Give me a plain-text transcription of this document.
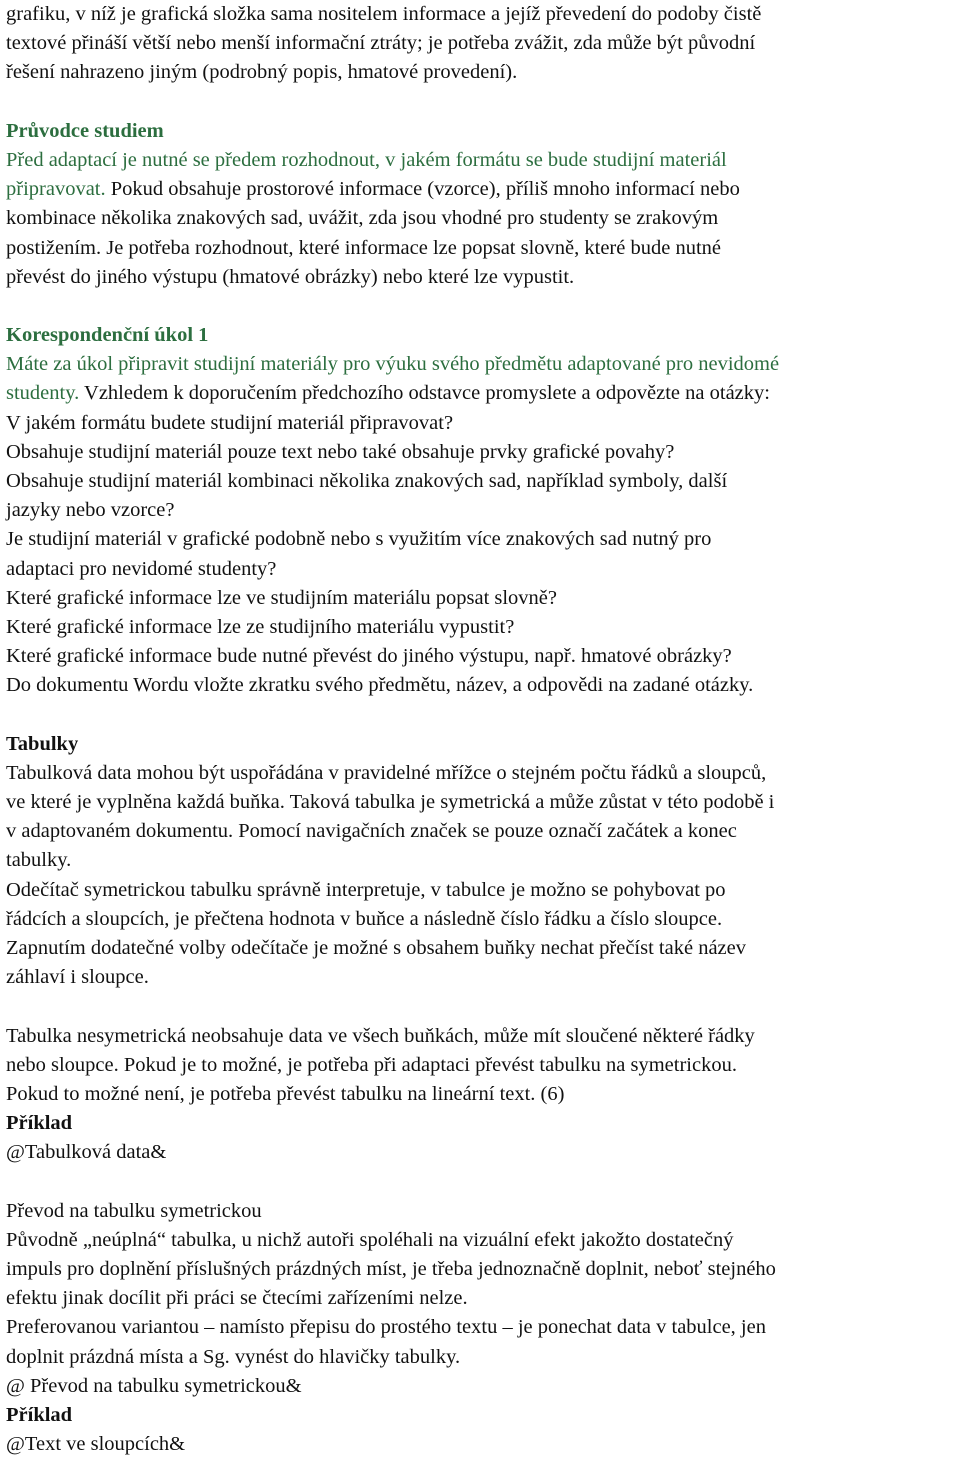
grafiku, v níž je grafická složka sama nositelem informace a jejíž převedení do podoby čistě

textové přináší větší nebo menší informační ztráty; je potřeba zvážit, zda může být původní

řešení nahrazeno jiným (podrobný popis, hmatové provedení).

Průvodce studiem

Před adaptací je nutné se předem rozhodnout, v jakém formátu se bude studijní materiál

připravovat. Pokud obsahuje prostorové informace (vzorce), příliš mnoho informací nebo

kombinace několika znakových sad, uvážit, zda jsou vhodné pro studenty se zrakovým

postižením. Je potřeba rozhodnout, které informace lze popsat slovně, které bude nutné

převést do jiného výstupu (hmatové obrázky) nebo které lze vypustit.

Korespondenční úkol 1

Máte za úkol připravit studijní materiály pro výuku svého předmětu adaptované pro nevidomé

studenty. Vzhledem k doporučením předchozího odstavce promyslete a odpovězte na otázky:

V jakém formátu budete studijní materiál připravovat?

Obsahuje studijní materiál pouze text nebo také obsahuje prvky grafické povahy?

Obsahuje studijní materiál kombinaci několika znakových sad, například symboly, další

jazyky nebo vzorce?

Je studijní materiál v grafické podobně nebo s využitím více znakových sad nutný pro

adaptaci pro nevidomé studenty?

Které grafické informace lze ve studijním materiálu popsat slovně?

Které grafické informace lze ze studijního materiálu vypustit?

Které grafické informace bude nutné převést do jiného výstupu, např. hmatové obrázky?

Do dokumentu Wordu vložte zkratku svého předmětu, název, a odpovědi na zadané otázky.

Tabulky

Tabulková data mohou být uspořádána v pravidelné mřížce o stejném počtu řádků a sloupců,

ve které je vyplněna každá buňka. Taková tabulka je symetrická a může zůstat v této podobě i

v adaptovaném dokumentu. Pomocí navigačních značek se pouze označí začátek a konec

tabulky.

Odečítač symetrickou tabulku správně interpretuje, v tabulce je možno se pohybovat po

řádcích a sloupcích, je přečtena hodnota v buňce a následně číslo řádku a číslo sloupce.

Zapnutím dodatečné volby odečítače je možné s obsahem buňky nechat přečíst také název

záhlaví i sloupce.

Tabulka nesymetrická neobsahuje data ve všech buňkách, může mít sloučené některé řádky

nebo sloupce. Pokud je to možné, je potřeba při adaptaci převést tabulku na symetrickou.

Pokud to možné není, je potřeba převést tabulku na lineární text. (6)

Příklad

@Tabulková data&

Převod na tabulku symetrickou

Původně „neúplná“ tabulka, u nichž autoři spoléhali na vizuální efekt jakožto dostatečný

impuls pro doplnění příslušných prázdných míst, je třeba jednoznačně doplnit, neboť stejného

efektu jinak docílit při práci se čtecími zařízeními nelze.

Preferovanou variantou – namísto přepisu do prostého textu – je ponechat data v tabulce, jen

doplnit prázdná místa a Sg. vynést do hlavičky tabulky.

@ Převod na tabulku symetrickou&

Příklad

@Text ve sloupcích&
